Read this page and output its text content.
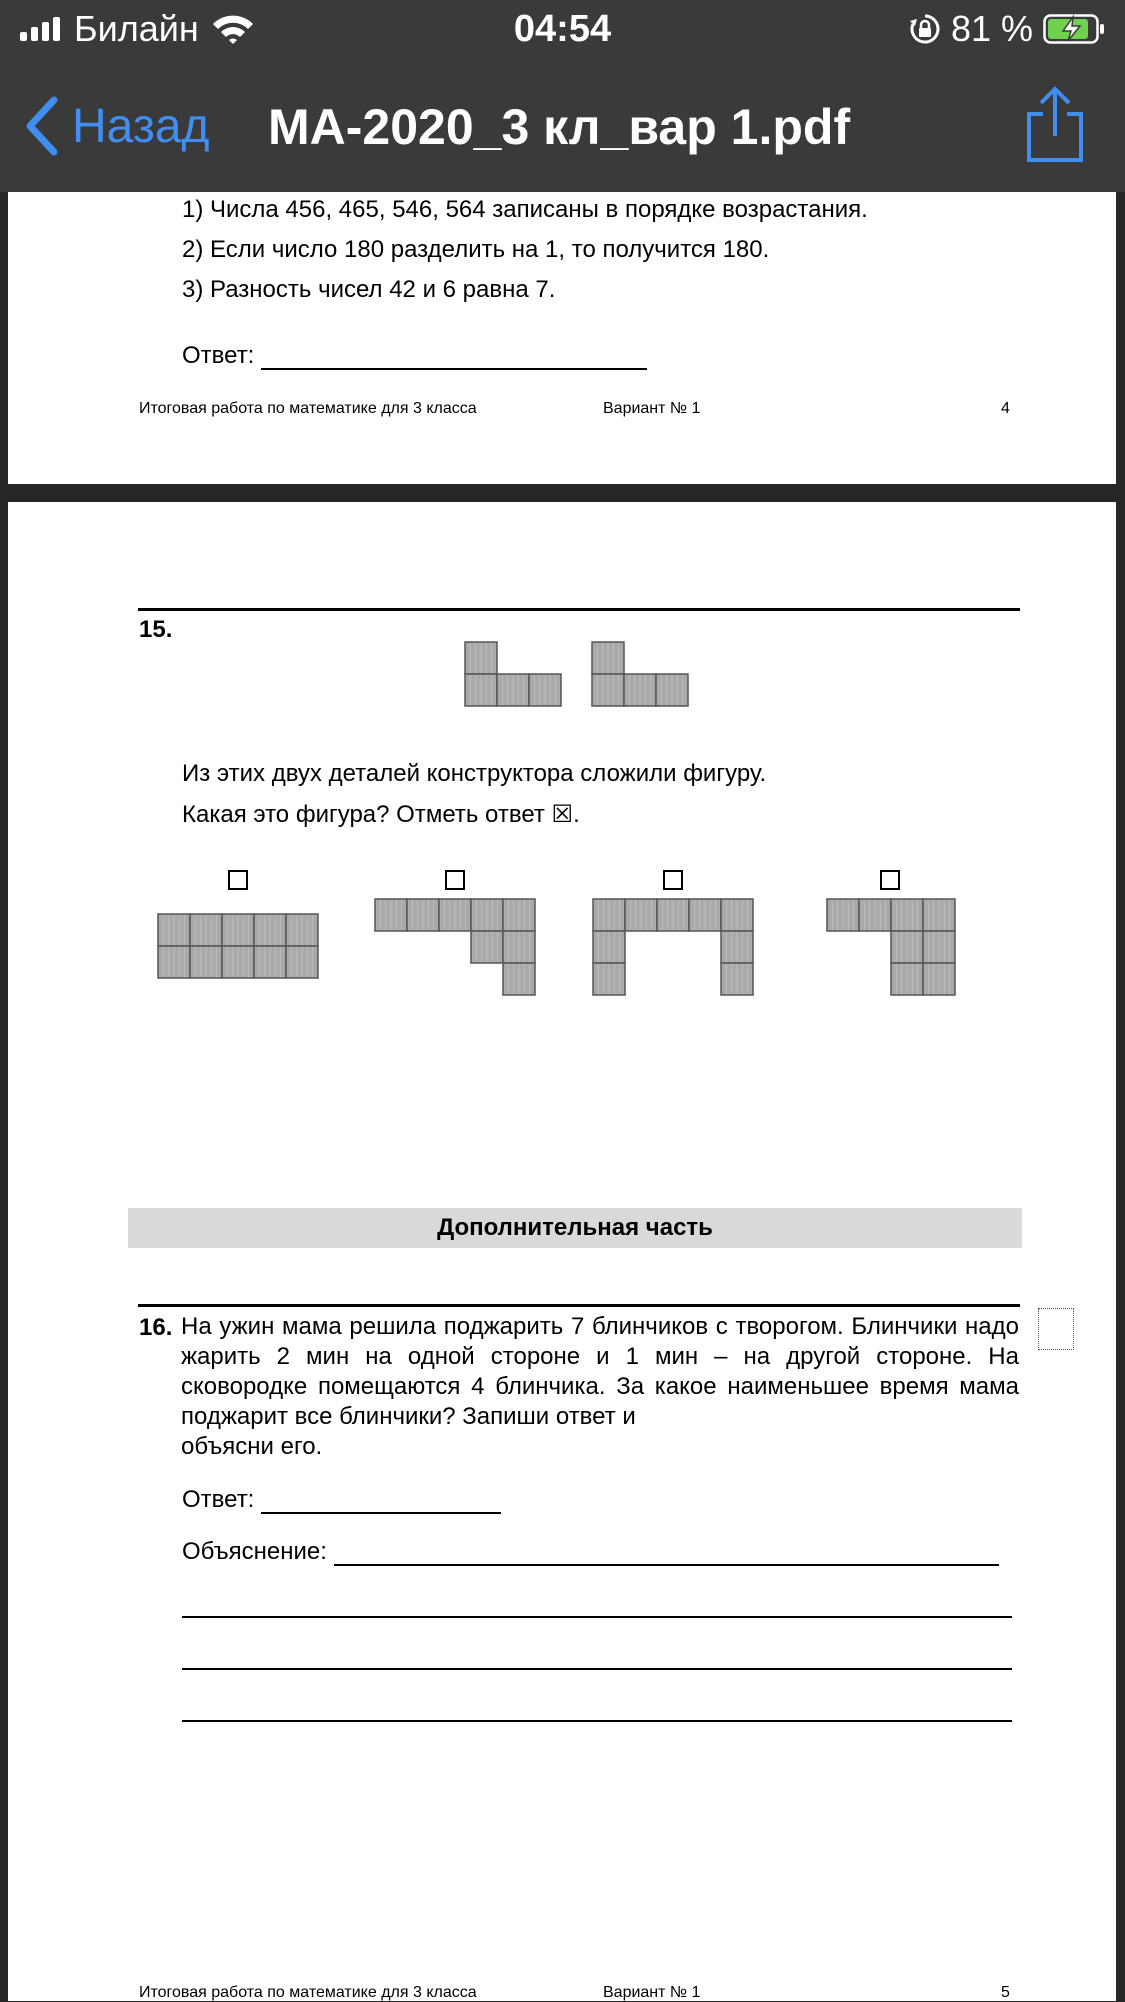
Билайн	04:54	81 %
Назад МА-2020_3 кл_вар 1.pdf
1) Числа 456, 465, 546, 564 записаны в порядке возрастания.
2) Если число 180 разделить на 1, то получится 180.
3) Разность чисел 42 и 6 равна 7.
Ответ:
Итоговая работа по математике для 3 класса	Вариант № 1	4
15.
Из этих двух деталей конструктора сложили фигуру.
Какая это фигура? Отметь ответ ☒.
Дополнительная часть
16. На ужин мама решила поджарить 7 блинчиков с творогом. Блинчики надо жарить 2 мин на одной стороне и 1 мин – на другой стороне. На сковородке помещаются 4 блинчика. За какое наименьшее время мама поджарит все блинчики? Запиши ответ и
объясни его.
Ответ:
Объяснение:
Итоговая работа по математике для 3 класса	Вариант № 1	5
